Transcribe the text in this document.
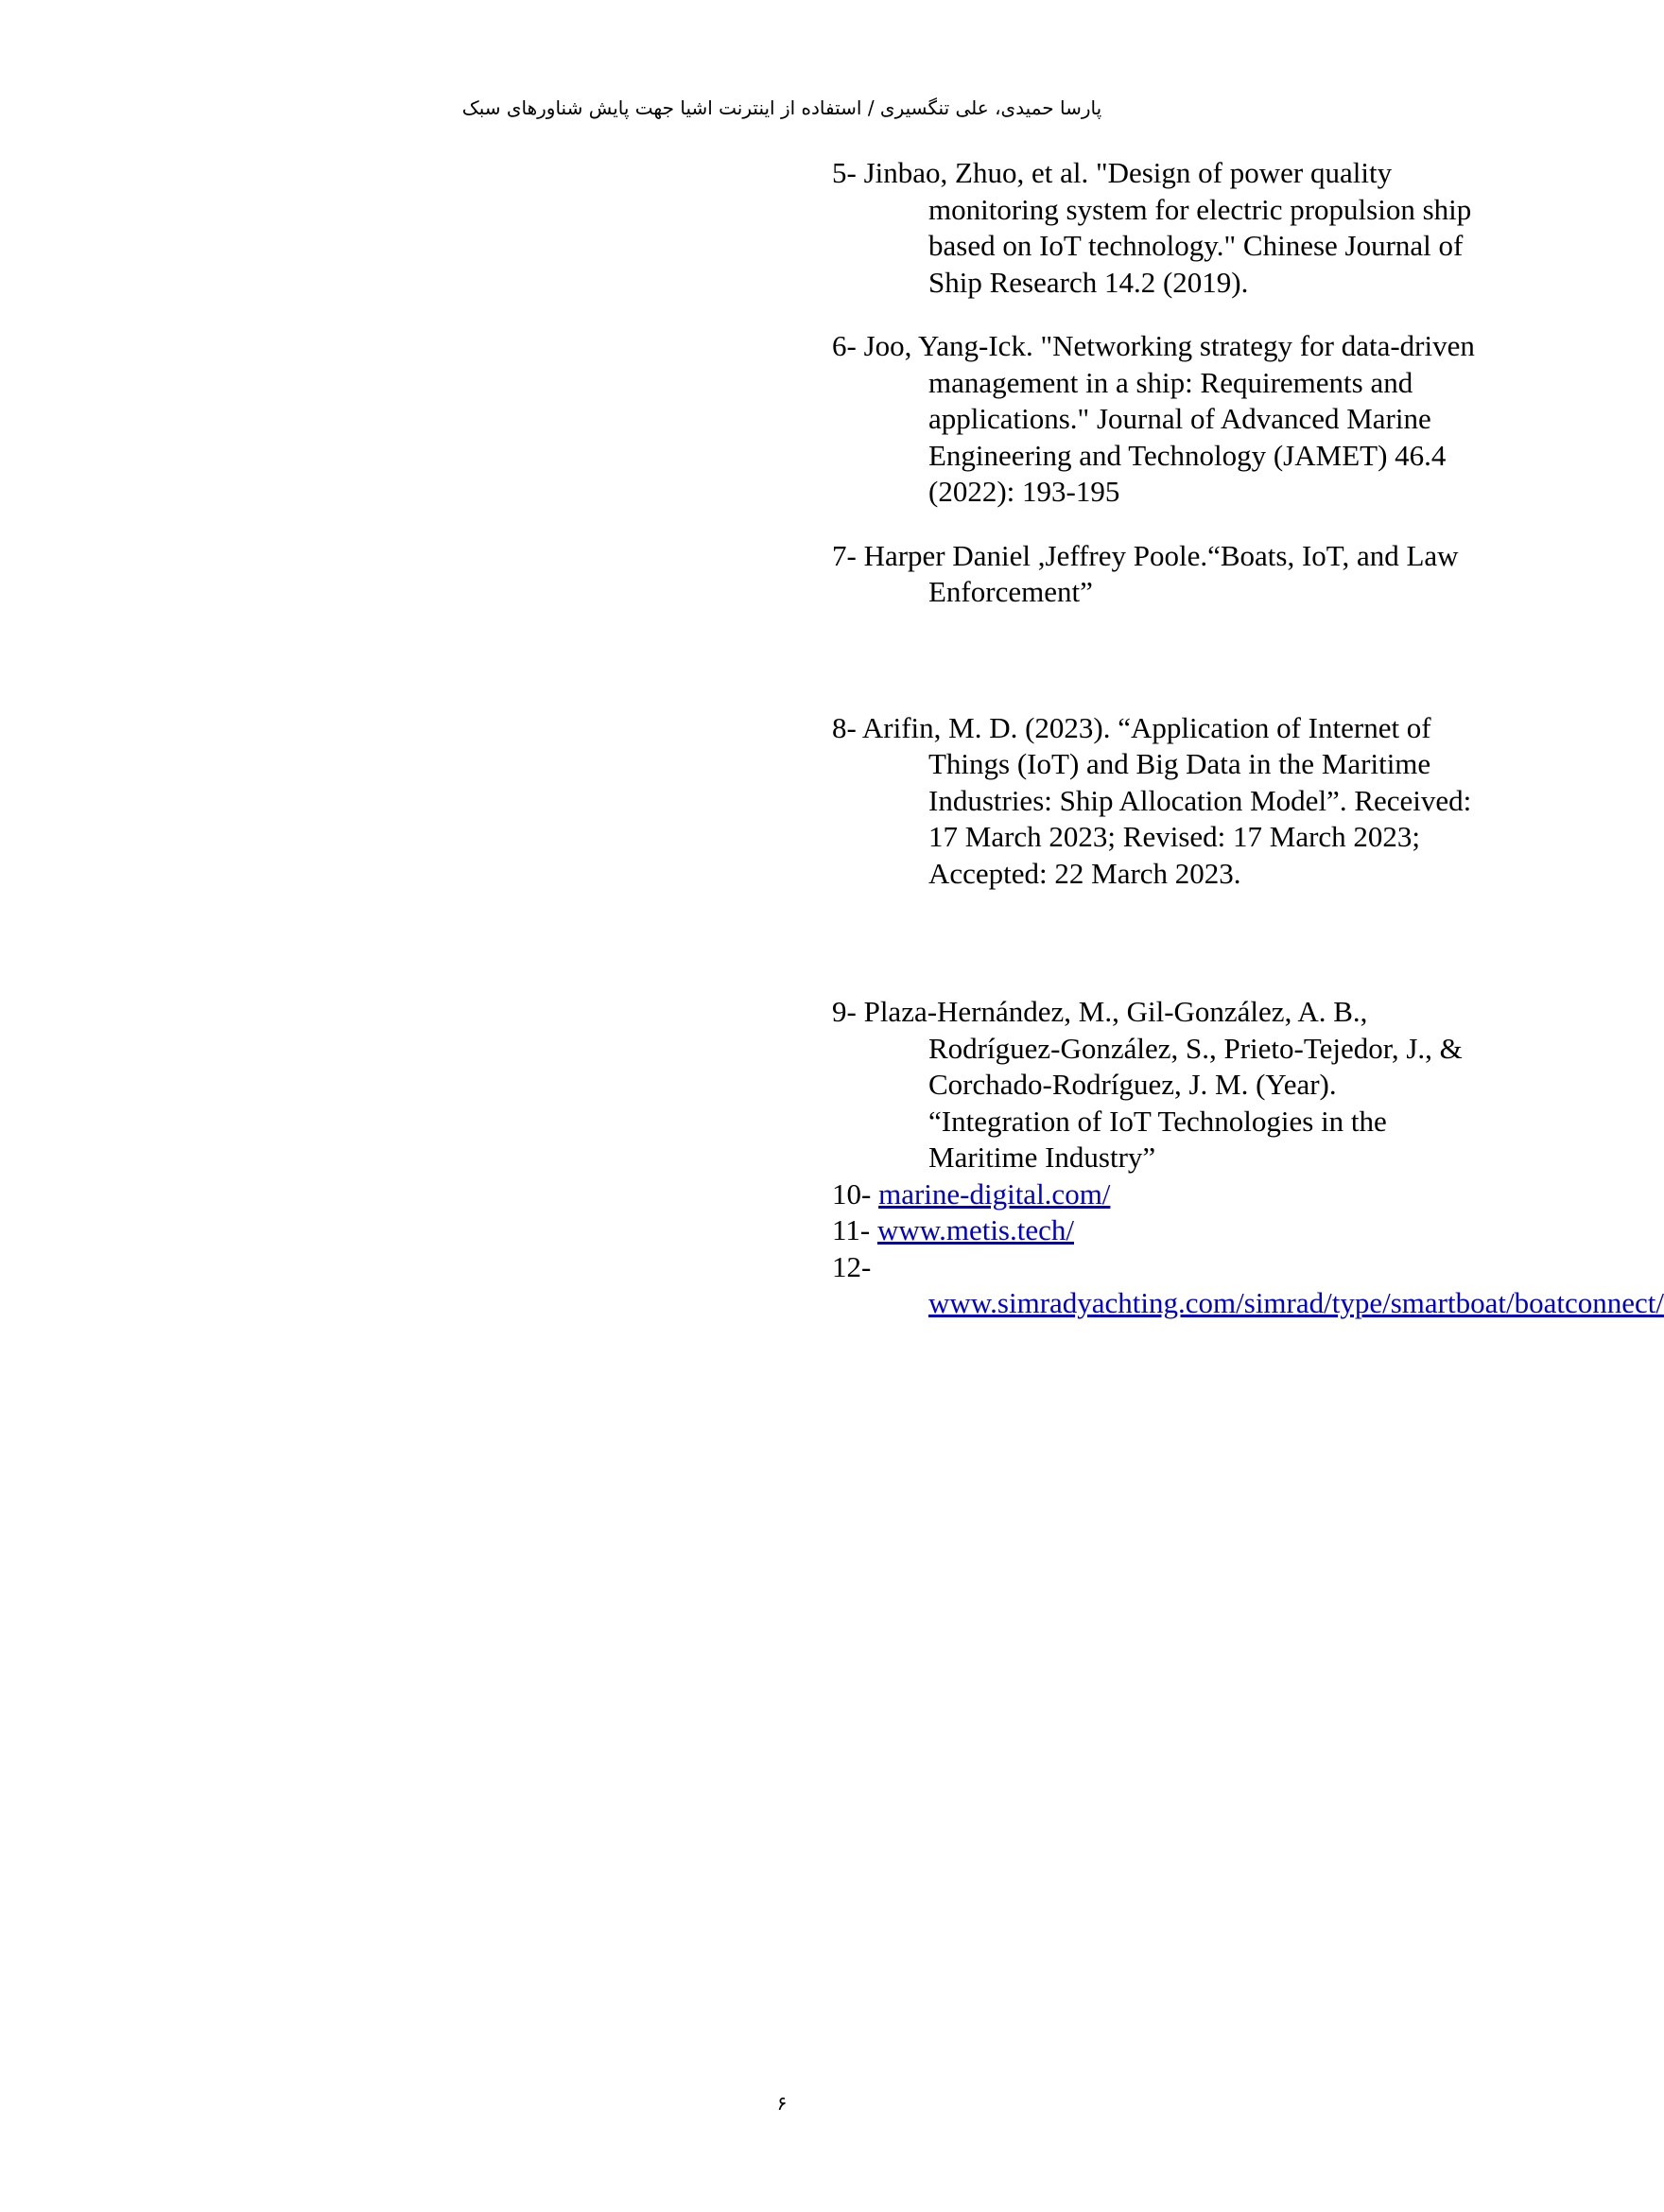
پارسا حمیدی، علی تنگسیری / استفاده از اینترنت اشیا جهت پایش شناورهای سبک
5- Jinbao, Zhuo, et al. "Design of power quality monitoring system for electric propulsion ship based on IoT technology." Chinese Journal of Ship Research 14.2 (2019).
6- Joo, Yang-Ick. "Networking strategy for data-driven management in a ship: Requirements and applications." Journal of Advanced Marine Engineering and Technology (JAMET) 46.4 (2022): 193-195
7- Harper Daniel ,Jeffrey Poole.“Boats, IoT, and Law Enforcement”
8- Arifin, M. D. (2023). “Application of Internet of Things (IoT) and Big Data in the Maritime Industries: Ship Allocation Model”. Received: 17 March 2023; Revised: 17 March 2023; Accepted: 22 March 2023.
9- Plaza-Hernández, M., Gil-González, A. B., Rodríguez-González, S., Prieto-Tejedor, J., & Corchado-Rodríguez, J. M. (Year). “Integration of IoT Technologies in the Maritime Industry”
10- marine-digital.com/
11- www.metis.tech/
12-www.simradyachting.com/simrad/type/smartboat/boatconnect/
۶
